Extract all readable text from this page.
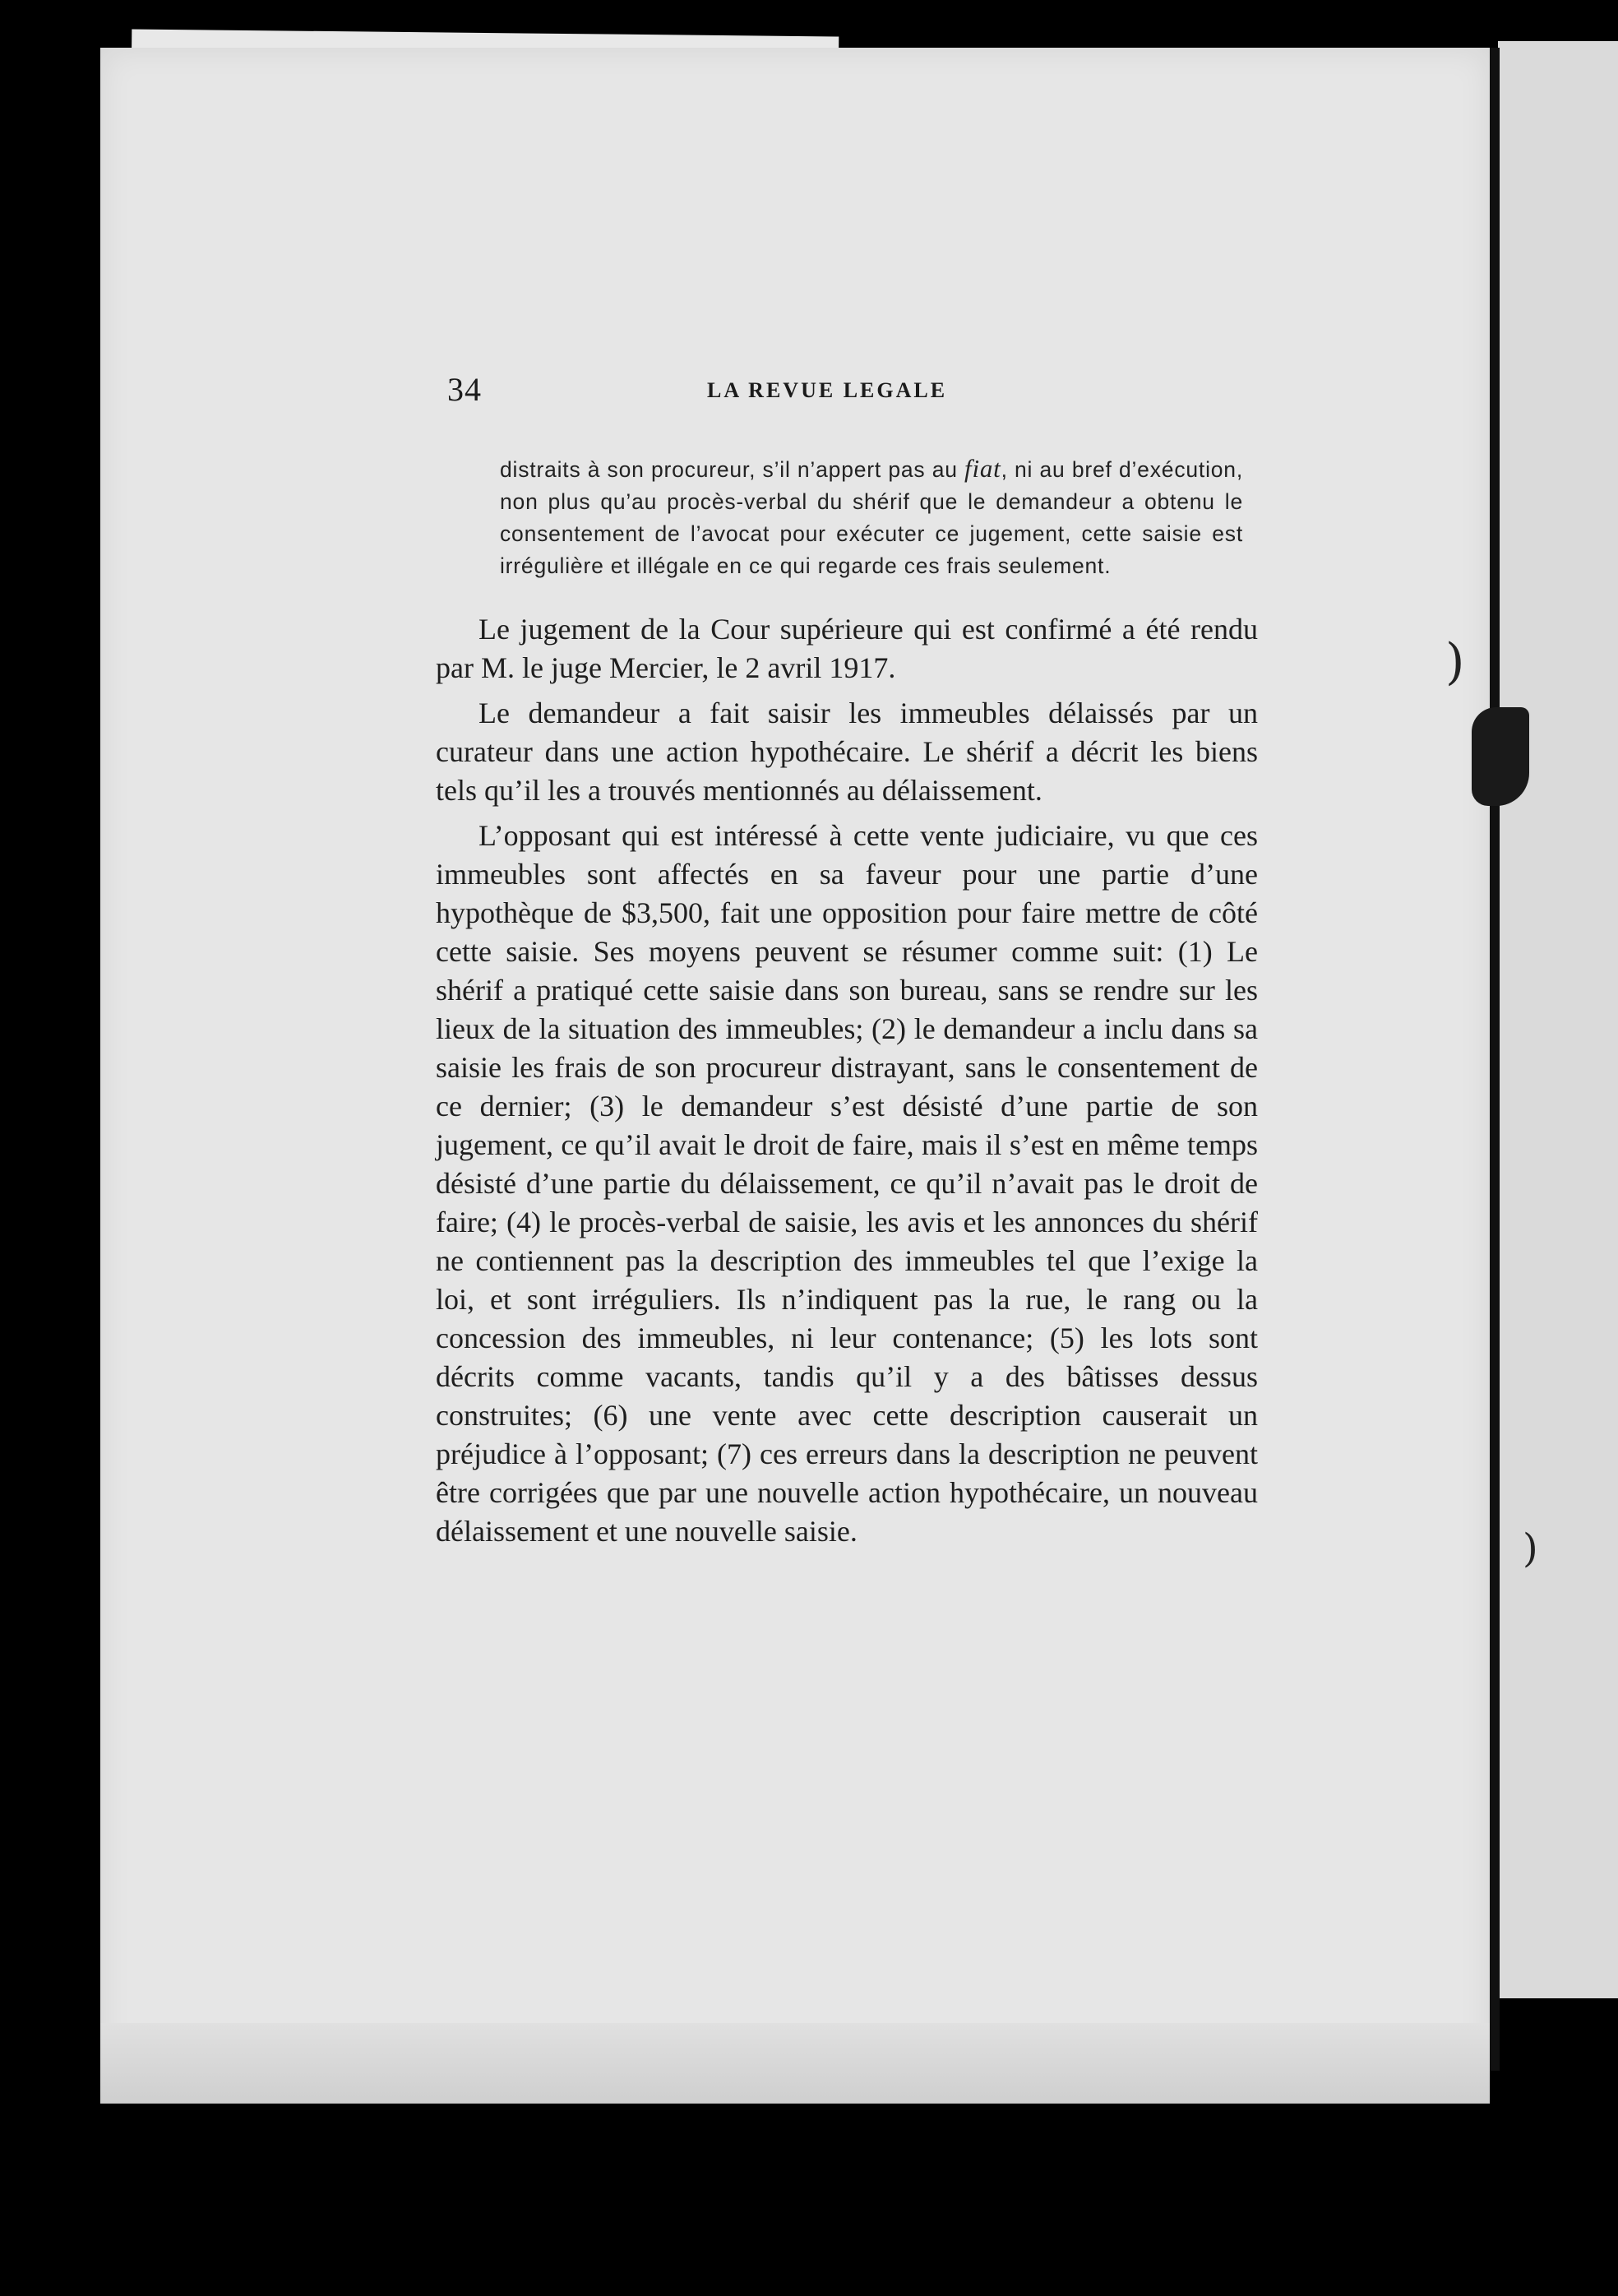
)
)
34	LA REVUE LEGALE

distraits à son procureur, s’il n’appert pas au fiat, ni au bref d’exécution, non plus qu’au procès-verbal du shérif que le demandeur a obtenu le consentement de l’avocat pour exécuter ce jugement, cette saisie est irrégulière et illégale en ce qui regarde ces frais seulement.

Le jugement de la Cour supérieure qui est confirmé a été rendu par M. le juge Mercier, le 2 avril 1917.

Le demandeur a fait saisir les immeubles délaissés par un curateur dans une action hypothécaire. Le shérif a décrit les biens tels qu’il les a trouvés mentionnés au délaissement.

L’opposant qui est intéressé à cette vente judiciaire, vu que ces immeubles sont affectés en sa faveur pour une partie d’une hypothèque de $3,500, fait une opposition pour faire mettre de côté cette saisie. Ses moyens peuvent se résumer comme suit: (1) Le shérif a pratiqué cette saisie dans son bureau, sans se rendre sur les lieux de la situation des immeubles; (2) le demandeur a inclu dans sa saisie les frais de son procureur distrayant, sans le consentement de ce dernier; (3) le demandeur s’est désisté d’une partie de son jugement, ce qu’il avait le droit de faire, mais il s’est en même temps désisté d’une partie du délaissement, ce qu’il n’avait pas le droit de faire; (4) le procès-verbal de saisie, les avis et les annonces du shérif ne contiennent pas la description des immeubles tel que l’exige la loi, et sont irréguliers. Ils n’indiquent pas la rue, le rang ou la concession des immeubles, ni leur contenance; (5) les lots sont décrits comme vacants, tandis qu’il y a des bâtisses dessus construites; (6) une vente avec cette description causerait un préjudice à l’opposant; (7) ces erreurs dans la description ne peuvent être corrigées que par une nouvelle action hypothécaire, un nouveau délaissement et une nouvelle saisie.
